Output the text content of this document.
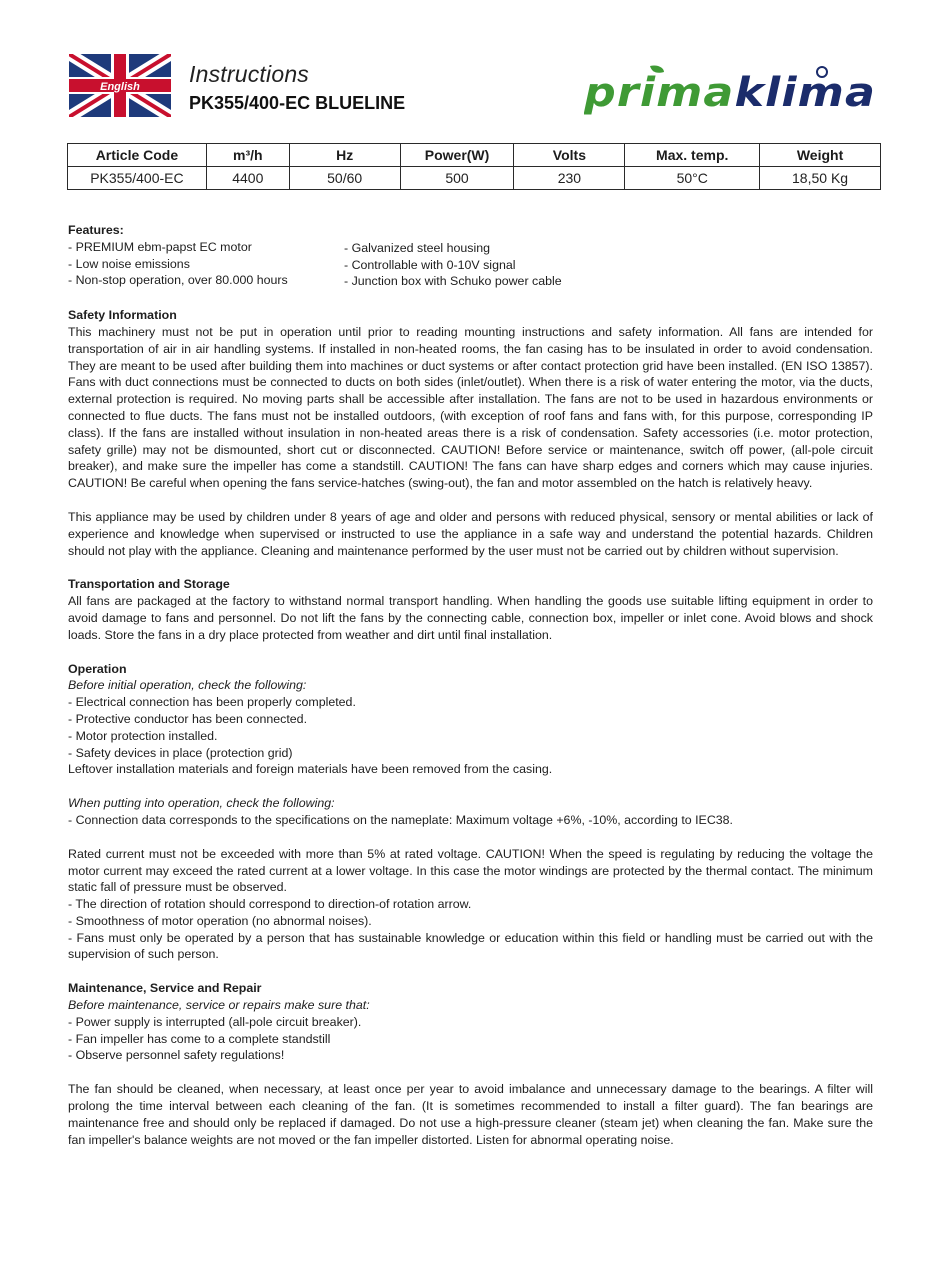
English Instructions
PK355/400-EC BLUELINE	prima klima
Article Code	m³/h	Hz	Power(W)	Volts	Max. temp.	Weight
PK355/400-EC	4400	50/60	500	230	50°C	18,50 Kg
Features:
- PREMIUM ebm-papst EC motor
- Low noise emissions
- Non-stop operation, over 80.000 hours
- Galvanized steel housing
- Controllable with 0-10V signal
- Junction box with Schuko power cable
Safety Information
This machinery must not be put in operation until prior to reading mounting instructions and safety information. All fans are intended for transportation of air in air handling systems. If installed in non-heated rooms, the fan casing has to be insulated in order to avoid condensation. They are meant to be used after building them into machines or duct systems or after contact protection grid have been installed. (EN ISO 13857). Fans with duct connections must be connected to ducts on both sides (inlet/outlet). When there is a risk of water entering the motor, via the ducts, external protection is required. No moving parts shall be accessible after installation. The fans are not to be used in hazardous environments or connected to flue ducts. The fans must not be installed outdoors, (with exception of roof fans and fans with, for this purpose, corresponding IP class). If the fans are installed without insulation in non-heated areas there is a risk of condensation. Safety accessories (i.e. motor protection, safety grille) may not be dismounted, short cut or disconnected. CAUTION! Before service or maintenance, switch off power, (all-pole circuit breaker), and make sure the impeller has come a standstill. CAUTION! The fans can have sharp edges and corners which may cause injuries. CAUTION! Be careful when opening the fans service-hatches (swing-out), the fan and motor assembled on the hatch is relatively heavy.
This appliance may be used by children under 8 years of age and older and persons with reduced physical, sensory or mental abilities or lack of experience and knowledge when supervised or instructed to use the appliance in a safe way and understand the potential hazards. Children should not play with the appliance. Cleaning and maintenance performed by the user must not be carried out by children without supervision.
Transportation and Storage
All fans are packaged at the factory to withstand normal transport handling. When handling the goods use suitable lifting equipment in order to avoid damage to fans and personnel. Do not lift the fans by the connecting cable, connection box, impeller or inlet cone. Avoid blows and shock loads. Store the fans in a dry place protected from weather and dirt until final installation.
Operation
Before initial operation, check the following:
- Electrical connection has been properly completed.
- Protective conductor has been connected.
- Motor protection installed.
- Safety devices in place (protection grid)
Leftover installation materials and foreign materials have been removed from the casing.
When putting into operation, check the following:
- Connection data corresponds to the specifications on the nameplate: Maximum voltage +6%, -10%, according to IEC38.
Rated current must not be exceeded with more than 5% at rated voltage. CAUTION! When the speed is regulating by reducing the voltage the motor current may exceed the rated current at a lower voltage. In this case the motor windings are protected by the thermal contact. The minimum static fall of pressure must be observed.
- The direction of rotation should correspond to direction-of rotation arrow.
- Smoothness of motor operation (no abnormal noises).
- Fans must only be operated by a person that has sustainable knowledge or education within this field or handling must be carried out with the supervision of such person.
Maintenance, Service and Repair
Before maintenance, service or repairs make sure that:
- Power supply is interrupted (all-pole circuit breaker).
- Fan impeller has come to a complete standstill
- Observe personnel safety regulations!
The fan should be cleaned, when necessary, at least once per year to avoid imbalance and unnecessary damage to the bearings. A filter will prolong the time interval between each cleaning of the fan. (It is sometimes recommended to install a filter guard). The fan bearings are maintenance free and should only be replaced if damaged. Do not use a high-pressure cleaner (steam jet) when cleaning the fan. Make sure the fan impeller's balance weights are not moved or the fan impeller distorted. Listen for abnormal operating noise.
